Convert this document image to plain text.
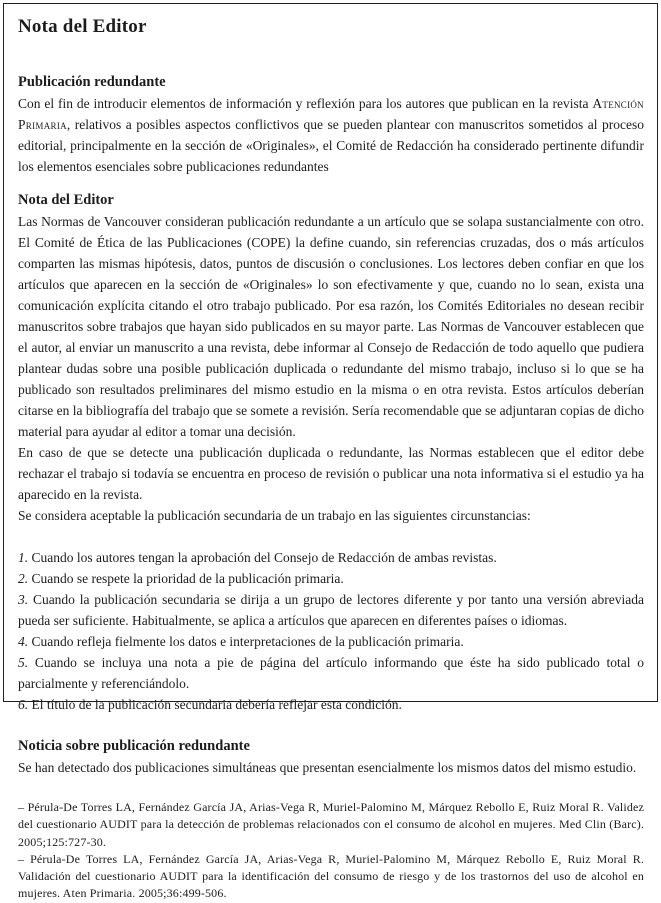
Nota del Editor
Publicación redundante

Con el fin de introducir elementos de información y reflexión para los autores que publican en la revista Atención Primaria, relativos a posibles aspectos conflictivos que se pueden plantear con manuscritos sometidos al proceso editorial, principalmente en la sección de «Originales», el Comité de Redacción ha considerado pertinente difundir los elementos esenciales sobre publicaciones redundantes

Nota del Editor

Las Normas de Vancouver consideran publicación redundante a un artículo que se solapa sustancialmente con otro. El Comité de Ética de las Publicaciones (COPE) la define cuando, sin referencias cruzadas, dos o más artículos comparten las mismas hipótesis, datos, puntos de discusión o conclusiones. Los lectores deben confiar en que los artículos que aparecen en la sección de «Originales» lo son efectivamente y que, cuando no lo sean, exista una comunicación explícita citando el otro trabajo publicado. Por esa razón, los Comités Editoriales no desean recibir manuscritos sobre trabajos que hayan sido publicados en su mayor parte. Las Normas de Vancouver establecen que el autor, al enviar un manuscrito a una revista, debe informar al Consejo de Redacción de todo aquello que pudiera plantear dudas sobre una posible publicación duplicada o redundante del mismo trabajo, incluso si lo que se ha publicado son resultados preliminares del mismo estudio en la misma o en otra revista. Estos artículos deberían citarse en la bibliografía del trabajo que se somete a revisión. Sería recomendable que se adjuntaran copias de dicho material para ayudar al editor a tomar una decisión.

En caso de que se detecte una publicación duplicada o redundante, las Normas establecen que el editor debe rechazar el trabajo si todavía se encuentra en proceso de revisión o publicar una nota informativa si el estudio ya ha aparecido en la revista.

Se considera aceptable la publicación secundaria de un trabajo en las siguientes circunstancias:

1. Cuando los autores tengan la aprobación del Consejo de Redacción de ambas revistas.

2. Cuando se respete la prioridad de la publicación primaria.

3. Cuando la publicación secundaria se dirija a un grupo de lectores diferente y por tanto una versión abreviada pueda ser suficiente. Habitualmente, se aplica a artículos que aparecen en diferentes países o idiomas.

4. Cuando refleja fielmente los datos e interpretaciones de la publicación primaria.

5. Cuando se incluya una nota a pie de página del artículo informando que éste ha sido publicado total o parcialmente y referenciándolo.

6. El título de la publicación secundaria debería reflejar esta condición.

Noticia sobre publicación redundante

Se han detectado dos publicaciones simultáneas que presentan esencialmente los mismos datos del mismo estudio.

– Pérula-De Torres LA, Fernández García JA, Arias-Vega R, Muriel-Palomino M, Márquez Rebollo E, Ruiz Moral R. Validez del cuestionario AUDIT para la detección de problemas relacionados con el consumo de alcohol en mujeres. Med Clin (Barc). 2005;125:727-30.

– Pérula-De Torres LA, Fernández García JA, Arias-Vega R, Muriel-Palomino M, Márquez Rebollo E, Ruiz Moral R. Validación del cuestionario AUDIT para la identificación del consumo de riesgo y de los trastornos del uso de alcohol en mujeres. Aten Primaria. 2005;36:499-506.
